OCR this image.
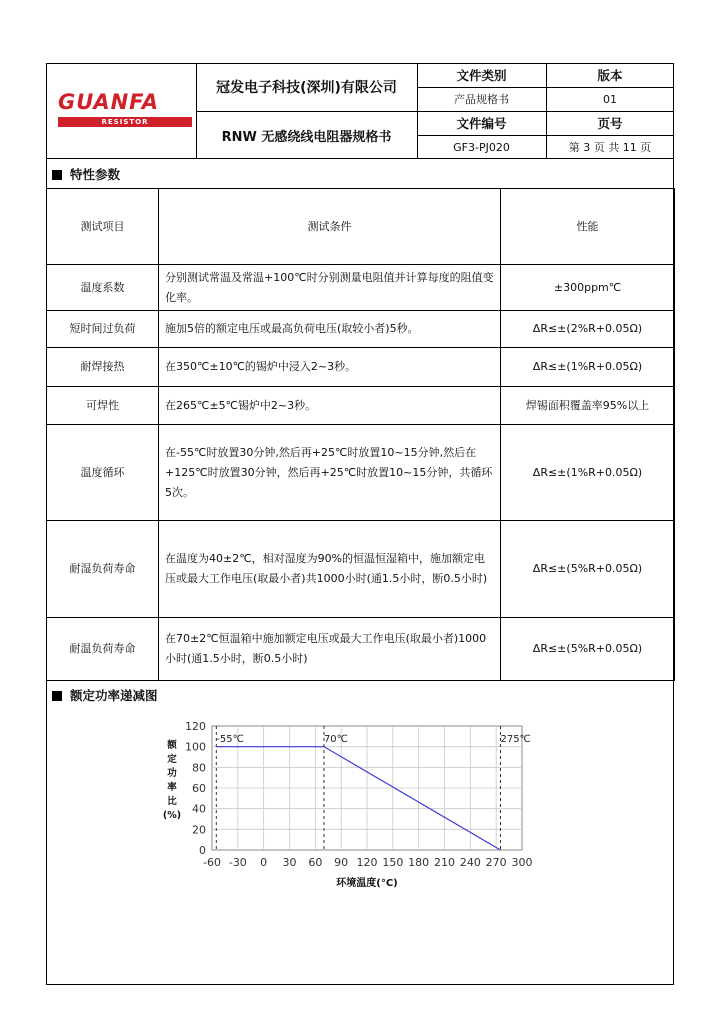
GUANFA
RESISTOR
冠发电子科技(深圳)有限公司
RNW 无感绕线电阻器规格书
文件类别	版本
产品规格书	01
文件编号	页号
GF3-PJ020	第 3 页 共 11 页
特性参数
测试项目	测试条件	性能
温度系数	分别测试常温及常温+100℃时分别测量电阻值并计算每度的阻值变化率。	±300ppm℃
短时间过负荷	施加5倍的额定电压或最高负荷电压(取较小者)5秒。	ΔR≤±(2%R+0.05Ω)
耐焊接热	在350℃±10℃的锡炉中浸入2~3秒。	ΔR≤±(1%R+0.05Ω)
可焊性	在265℃±5℃锡炉中2~3秒。	焊锡面积覆盖率95%以上
温度循环	在-55℃时放置30分钟,然后再+25℃时放置10~15分钟,然后在+125℃时放置30分钟，然后再+25℃时放置10~15分钟，共循环5次。	ΔR≤±(1%R+0.05Ω)
耐湿负荷寿命	在温度为40±2℃，相对湿度为90%的恒温恒湿箱中，施加额定电压或最大工作电压(取最小者)共1000小时(通1.5小时，断0.5小时)	ΔR≤±(5%R+0.05Ω)
耐温负荷寿命	在70±2℃恒温箱中施加额定电压或最大工作电压(取最小者)1000小时(通1.5小时，断0.5小时)	ΔR≤±(5%R+0.05Ω)
额定功率递减图
-60 -30 0 30 60 90 120 150 180 210 240 270 300
0
20
40
60
80
100
120
-55℃	70℃	275℃
环境温度(°C)
额
定
功
率
比
(%)
